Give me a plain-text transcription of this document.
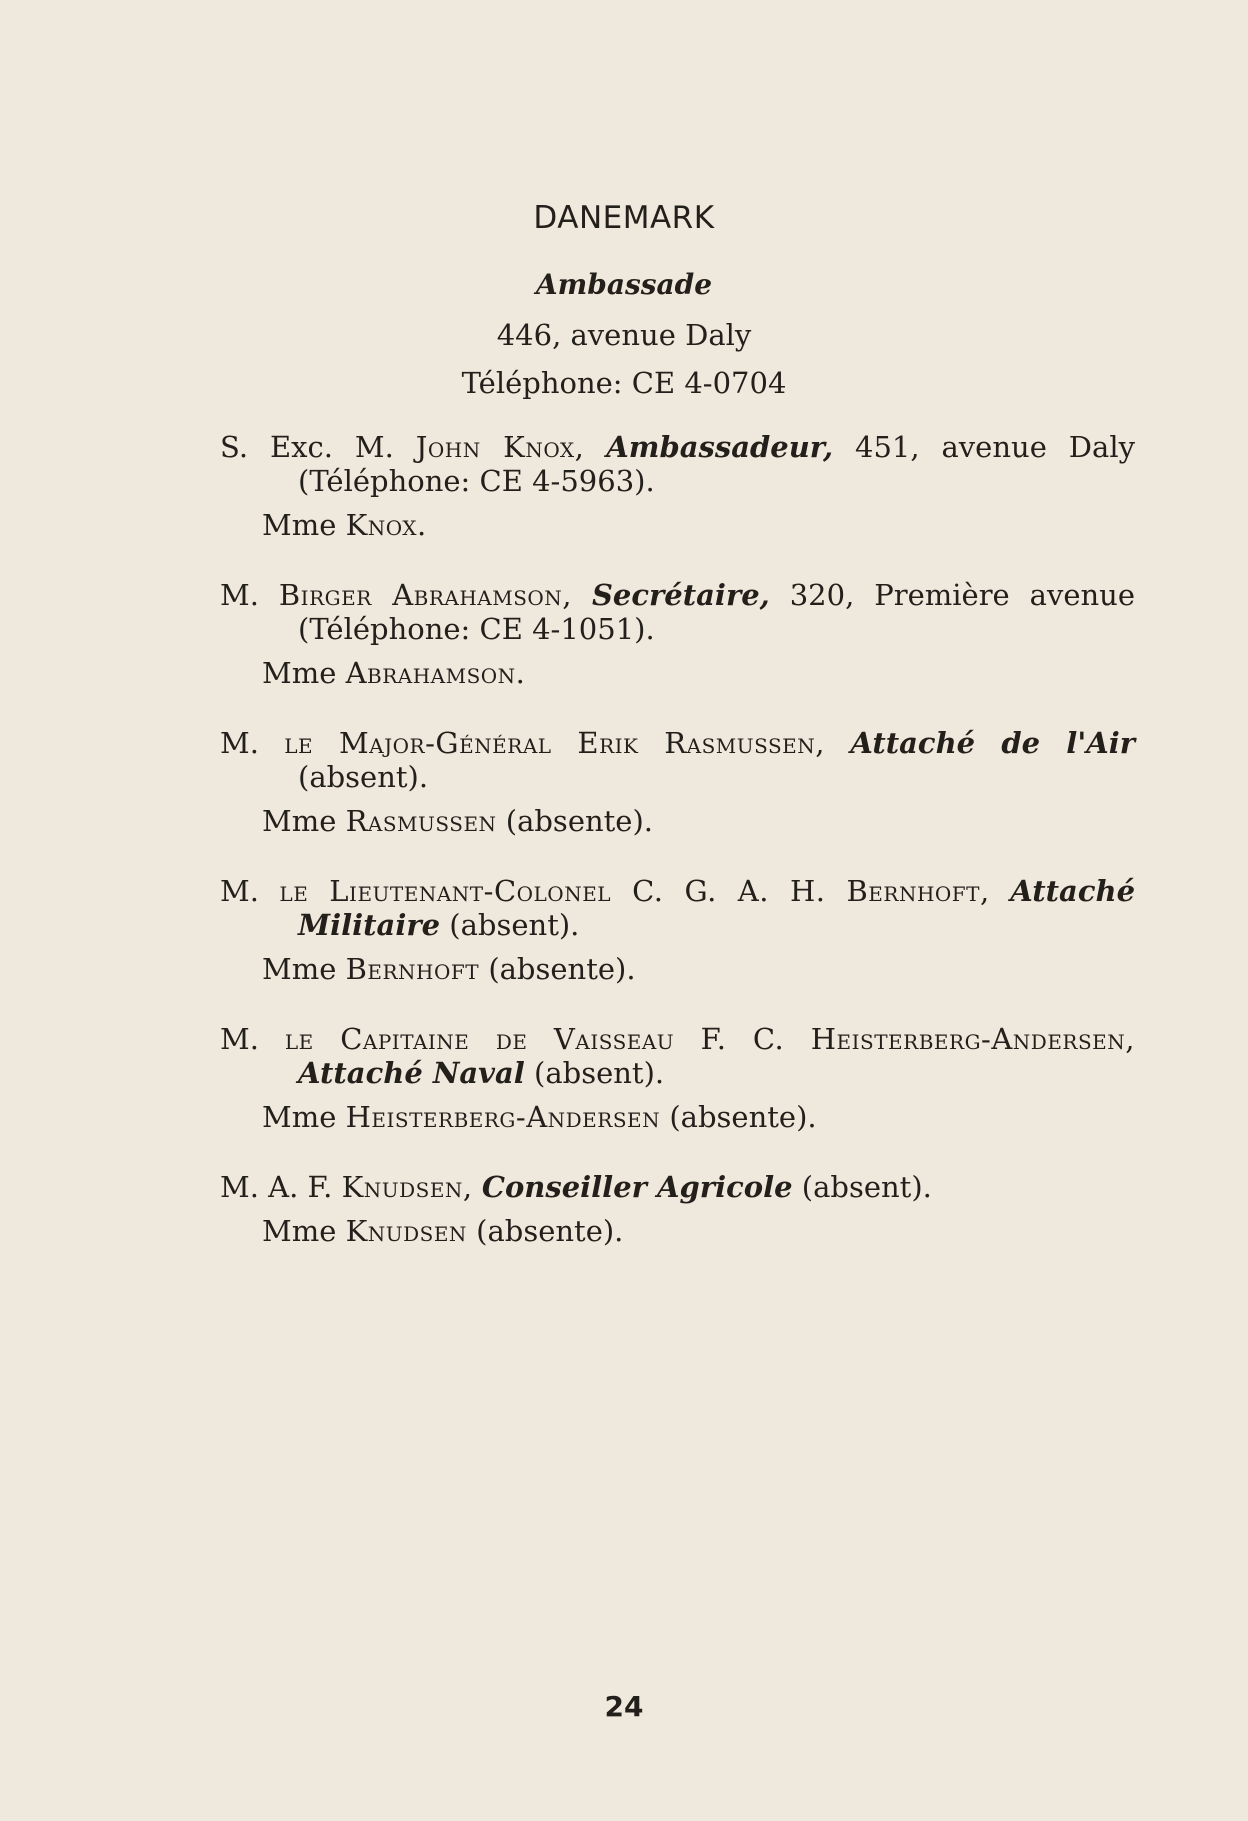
DANEMARK
Ambassade
446, avenue Daly
Téléphone: CE 4-0704
S. Exc. M. John Knox, Ambassadeur, 451, avenue Daly (Téléphone: CE 4-5963).
Mme Knox.
M. Birger Abrahamson, Secrétaire, 320, Première avenue (Téléphone: CE 4-1051).
Mme Abrahamson.
M. le Major-Général Erik Rasmussen, Attaché de l'Air (absent).
Mme Rasmussen (absente).
M. le Lieutenant-Colonel C. G. A. H. Bernhoft, Attaché Militaire (absent).
Mme Bernhoft (absente).
M. le Capitaine de Vaisseau F. C. Heisterberg-Andersen, Attaché Naval (absent).
Mme Heisterberg-Andersen (absente).
M. A. F. Knudsen, Conseiller Agricole (absent).
Mme Knudsen (absente).
24
